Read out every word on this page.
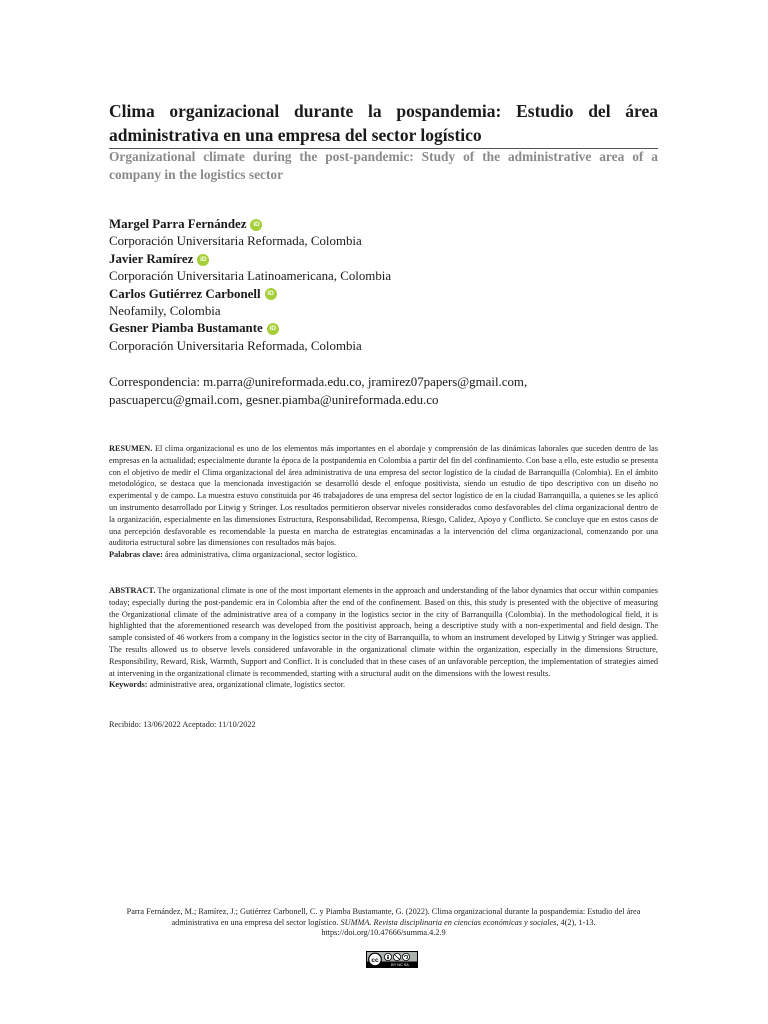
Clima organizacional durante la pospandemia: Estudio del área administrativa en una empresa del sector logístico
Organizational climate during the post-pandemic: Study of the administrative area of a company in the logistics sector
Margel Parra Fernández	iD
Corporación Universitaria Reformada, Colombia
Javier Ramírez	iD
Corporación Universitaria Latinoamericana, Colombia
Carlos Gutiérrez Carbonell	iD
Neofamily, Colombia
Gesner Piamba Bustamante	iD
Corporación Universitaria Reformada, Colombia
Correspondencia: m.parra@unireformada.edu.co, jramirez07papers@gmail.com,
pascuapercu@gmail.com, gesner.piamba@unireformada.edu.co

RESUMEN. El clima organizacional es uno de los elementos más importantes en el abordaje y comprensión de las dinámicas laborales que suceden dentro de las empresas en la actualidad; especialmente durante la época de la postpandemia en Colombia a partir del fin del confinamiento. Con base a ello, este estudio se presenta con el objetivo de medir el Clima organizacional del área administrativa de una empresa del sector logístico de la ciudad de Barranquilla (Colombia). En el ámbito metodológico, se destaca que la mencionada investigación se desarrolló desde el enfoque positivista, siendo un estudio de tipo descriptivo con un diseño no experimental y de campo. La muestra estuvo constituida por 46 trabajadores de una empresa del sector logístico de en la ciudad Barranquilla, a quienes se les aplicó un instrumento desarrollado por Litwig y Stringer. Los resultados permitieron observar niveles considerados como desfavorables del clima organizacional dentro de la organización, especialmente en las dimensiones Estructura, Responsabilidad, Recompensa, Riesgo, Calidez, Apoyo y Conflicto. Se concluye que en estos casos de una percepción desfavorable es recomendable la puesta en marcha de estrategias encaminadas a la intervención del clima organizacional, comenzando por una auditoria estructural sobre las dimensiones con resultados más bajos.

Palabras clave: área administrativa, clima organizacional, sector logístico.

ABSTRACT. The organizational climate is one of the most important elements in the approach and understanding of the labor dynamics that occur within companies today; especially during the post-pandemic era in Colombia after the end of the confinement. Based on this, this study is presented with the objective of measuring the Organizational climate of the administrative area of a company in the logistics sector in the city of Barranquilla (Colombia). In the methodological field, it is highlighted that the aforementioned research was developed from the positivist approach, being a descriptive study with a non-experimental and field design. The sample consisted of 46 workers from a company in the logistics sector in the city of Barranquilla, to whom an instrument developed by Litwig y Stringer was applied. The results allowed us to observe levels considered unfavorable in the organizational climate within the organization, especially in the dimensions Structure, Responsibility, Reward, Risk, Warmth, Support and Conflict. It is concluded that in these cases of an unfavorable perception, the implementation of strategies aimed at intervening in the organizational climate is recommended, starting with a structural audit on the dimensions with the lowest results.

Keywords: administrative area, organizational climate, logistics sector.

Recibido: 13/06/2022 Aceptado: 11/10/2022
Parra Fernández, M.; Ramírez, J.; Gutiérrez Carbonell, C. y Piamba Bustamante, G. (2022). Clima organizacional durante la pospandemia: Estudio del área administrativa en una empresa del sector logístico. SUMMA. Revista disciplinaria en ciencias económicas y sociales, 4(2), 1-13.
https://doi.org/10.47666/summa.4.2.9
cc
BY NC SA
